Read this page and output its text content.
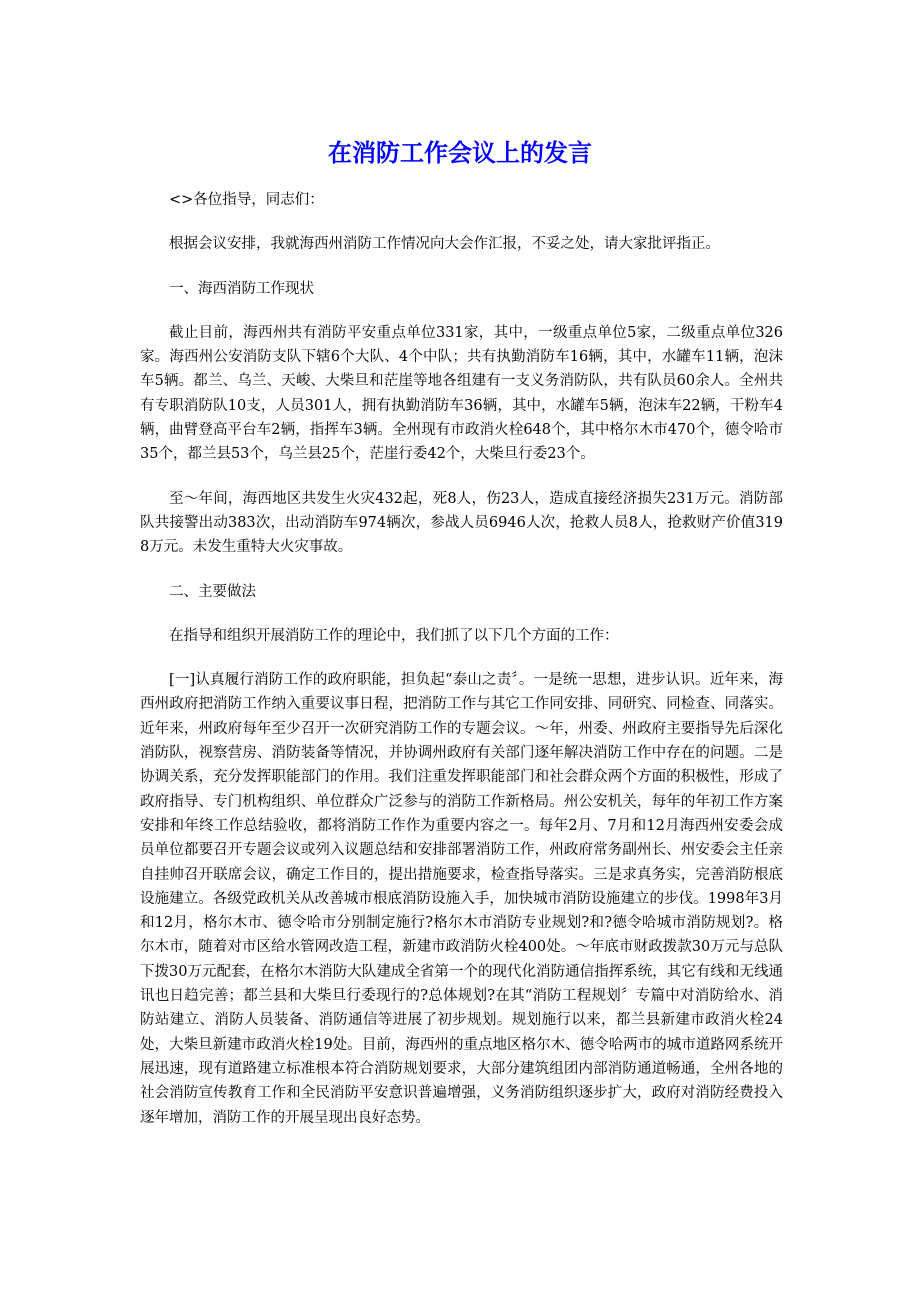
在消防工作会议上的发言

<>各位指导，同志们：

根据会议安排，我就海西州消防工作情况向大会作汇报，不妥之处，请大家批评指正。

一、海西消防工作现状

截止目前，海西州共有消防平安重点单位331家，其中，一级重点单位5家，二级重点单位326家。海西州公安消防支队下辖6个大队、4个中队；共有执勤消防车16辆，其中，水罐车11辆，泡沫车5辆。都兰、乌兰、天峻、大柴旦和茫崖等地各组建有一支义务消防队，共有队员60余人。全州共有专职消防队10支，人员301人，拥有执勤消防车36辆，其中，水罐车5辆，泡沫车22辆，干粉车4辆，曲臂登高平台车2辆，指挥车3辆。全州现有市政消火栓648个，其中格尔木市470个，德令哈市35个，都兰县53个，乌兰县25个，茫崖行委42个，大柴旦行委23个。

至～年间，海西地区共发生火灾432起，死8人，伤23人，造成直接经济损失231万元。消防部队共接警出动383次，出动消防车974辆次，参战人员6946人次，抢救人员8人，抢救财产价值3198万元。未发生重特大火灾事故。

二、主要做法

在指导和组织开展消防工作的理论中，我们抓了以下几个方面的工作：

[一]认真履行消防工作的政府职能，担负起“泰山之责〞。一是统一思想，进步认识。近年来，海西州政府把消防工作纳入重要议事日程，把消防工作与其它工作同安排、同研究、同检查、同落实。近年来，州政府每年至少召开一次研究消防工作的专题会议。～年，州委、州政府主要指导先后深化消防队，视察营房、消防装备等情况，并协调州政府有关部门逐年解决消防工作中存在的问题。二是协调关系，充分发挥职能部门的作用。我们注重发挥职能部门和社会群众两个方面的积极性，形成了政府指导、专门机构组织、单位群众广泛参与的消防工作新格局。州公安机关，每年的年初工作方案安排和年终工作总结验收，都将消防工作作为重要内容之一。每年2月、7月和12月海西州安委会成员单位都要召开专题会议或列入议题总结和安排部署消防工作，州政府常务副州长、州安委会主任亲自挂帅召开联席会议，确定工作目的，提出措施要求，检查指导落实。三是求真务实，完善消防根底设施建立。各级党政机关从改善城市根底消防设施入手，加快城市消防设施建立的步伐。1998年3月和12月，格尔木市、德令哈市分别制定施行?格尔木市消防专业规划?和?德令哈城市消防规划?。格尔木市，随着对市区给水管网改造工程，新建市政消防火栓400处。～年底市财政拨款30万元与总队下拨30万元配套，在格尔木消防大队建成全省第一个的现代化消防通信指挥系统，其它有线和无线通讯也日趋完善；都兰县和大柴旦行委现行的?总体规划?在其“消防工程规划〞专篇中对消防给水、消防站建立、消防人员装备、消防通信等进展了初步规划。规划施行以来，都兰县新建市政消火栓24处，大柴旦新建市政消火栓19处。目前，海西州的重点地区格尔木、德令哈两市的城市道路网系统开展迅速，现有道路建立标准根本符合消防规划要求，大部分建筑组团内部消防通道畅通，全州各地的社会消防宣传教育工作和全民消防平安意识普遍增强，义务消防组织逐步扩大，政府对消防经费投入逐年增加，消防工作的开展呈现出良好态势。
